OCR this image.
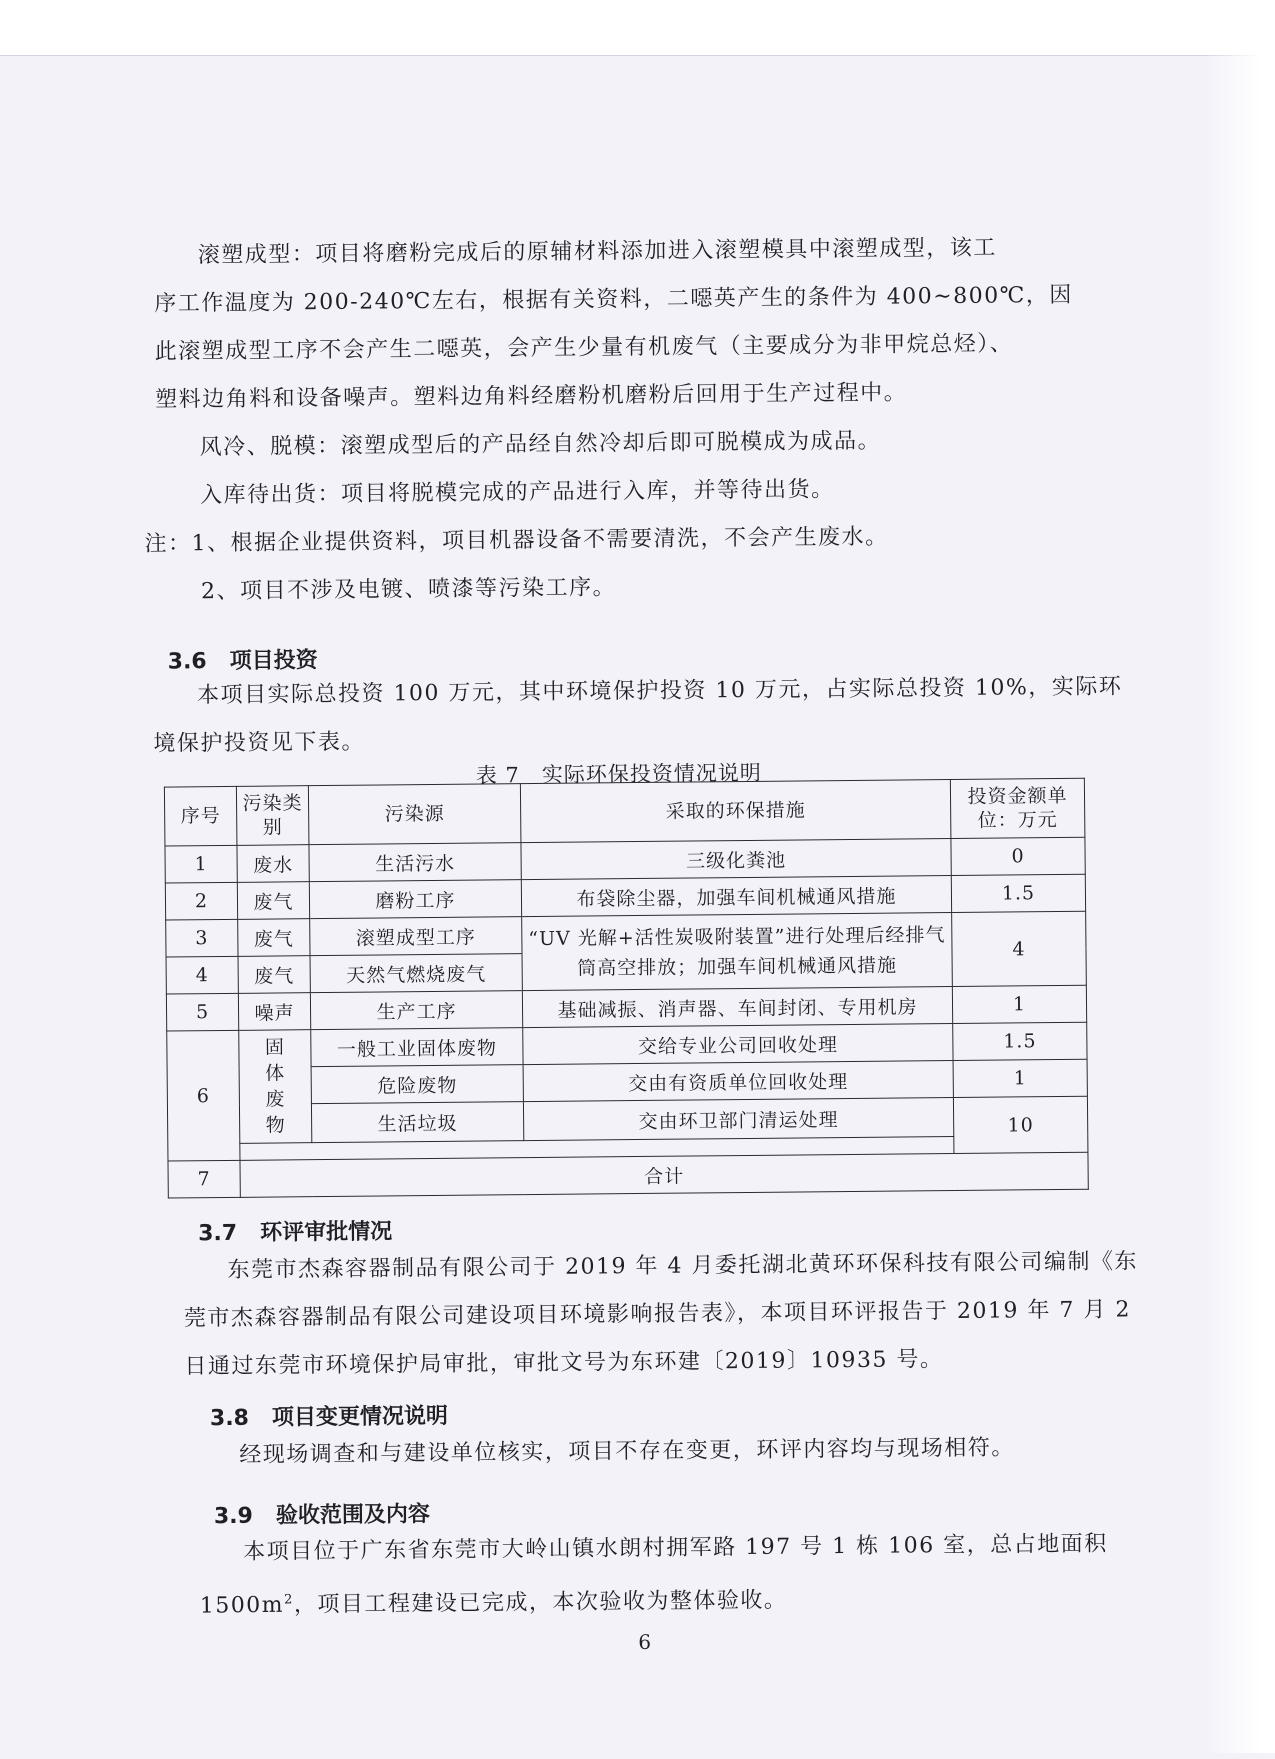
滚塑成型：项目将磨粉完成后的原辅材料添加进入滚塑模具中滚塑成型，该工
序工作温度为 200-240℃左右，根据有关资料，二噁英产生的条件为 400~800℃，因
此滚塑成型工序不会产生二噁英，会产生少量有机废气（主要成分为非甲烷总烃）、
塑料边角料和设备噪声。塑料边角料经磨粉机磨粉后回用于生产过程中。
风冷、脱模：滚塑成型后的产品经自然冷却后即可脱模成为成品。
入库待出货：项目将脱模完成的产品进行入库，并等待出货。
注：1、根据企业提供资料，项目机器设备不需要清洗，不会产生废水。
2、项目不涉及电镀、喷漆等污染工序。
3.6 项目投资
本项目实际总投资 100 万元，其中环境保护投资 10 万元，占实际总投资 10%，实际环
境保护投资见下表。
表 7　实际环保投资情况说明
序号	污染类别	污染源	采取的环保措施	投资金额单位：万元
1	废水	生活污水	三级化粪池	0
2	废气	磨粉工序	布袋除尘器，加强车间机械通风措施	1.5
3	废气	滚塑成型工序	“UV 光解+活性炭吸附装置”进行处理后经排气筒高空排放；加强车间机械通风措施	4
4	废气	天然气燃烧废气		
5	噪声	生产工序	基础减振、消声器、车间封闭、专用机房	1
6	固体废物	一般工业固体废物	交给专业公司回收处理	1.5
		危险废物	交由有资质单位回收处理	1
		生活垃圾	交由环卫部门清运处理	10

7	合计			
3.7 环评审批情况
东莞市杰森容器制品有限公司于 2019 年 4 月委托湖北黄环环保科技有限公司编制《东
莞市杰森容器制品有限公司建设项目环境影响报告表》，本项目环评报告于 2019 年 7 月 2
日通过东莞市环境保护局审批，审批文号为东环建〔2019〕10935 号。
3.8 项目变更情况说明
经现场调查和与建设单位核实，项目不存在变更，环评内容均与现场相符。
3.9 验收范围及内容
本项目位于广东省东莞市大岭山镇水朗村拥军路 197 号 1 栋 106 室，总占地面积
$1500m^2$，项目工程建设已完成，本次验收为整体验收。
6
